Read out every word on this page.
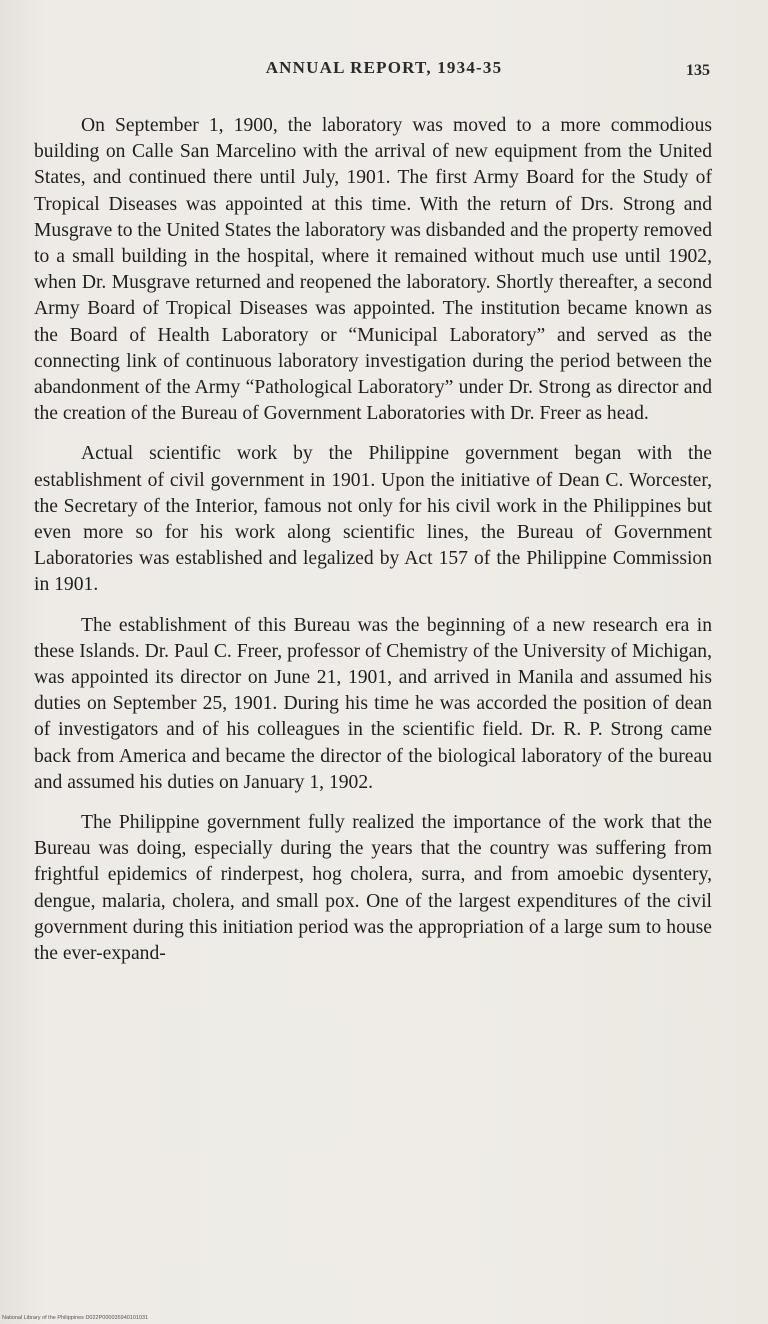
ANNUAL REPORT, 1934-35	135

On September 1, 1900, the laboratory was moved to a more commodious building on Calle San Marcelino with the arrival of new equipment from the United States, and continued there until July, 1901. The first Army Board for the Study of Tropical Diseases was appointed at this time. With the return of Drs. Strong and Musgrave to the United States the laboratory was disbanded and the property removed to a small building in the hospital, where it remained without much use until 1902, when Dr. Musgrave returned and reopened the laboratory. Shortly thereafter, a second Army Board of Tropical Diseases was appointed. The institution became known as the Board of Health Laboratory or “Municipal Laboratory” and served as the connecting link of continuous laboratory investigation during the period between the abandonment of the Army “Pathological Laboratory” under Dr. Strong as director and the creation of the Bureau of Government Laboratories with Dr. Freer as head.

Actual scientific work by the Philippine government began with the establishment of civil government in 1901. Upon the initiative of Dean C. Worcester, the Secretary of the Interior, famous not only for his civil work in the Philippines but even more so for his work along scientific lines, the Bureau of Government Laboratories was established and legalized by Act 157 of the Philippine Commission in 1901.

The establishment of this Bureau was the beginning of a new research era in these Islands. Dr. Paul C. Freer, professor of Chemistry of the University of Michigan, was appointed its director on June 21, 1901, and arrived in Manila and assumed his duties on September 25, 1901. During his time he was accorded the position of dean of investigators and of his colleagues in the scientific field. Dr. R. P. Strong came back from America and became the director of the biological laboratory of the bureau and assumed his duties on January 1, 1902.

The Philippine government fully realized the importance of the work that the Bureau was doing, especially during the years that the country was suffering from frightful epidemics of rinderpest, hog cholera, surra, and from amoebic dysentery, dengue, malaria, cholera, and small pox. One of the largest expenditures of the civil government during this initiation period was the appropriation of a large sum to house the ever-expand-

National Library of the Philippines D022P000035940101031
